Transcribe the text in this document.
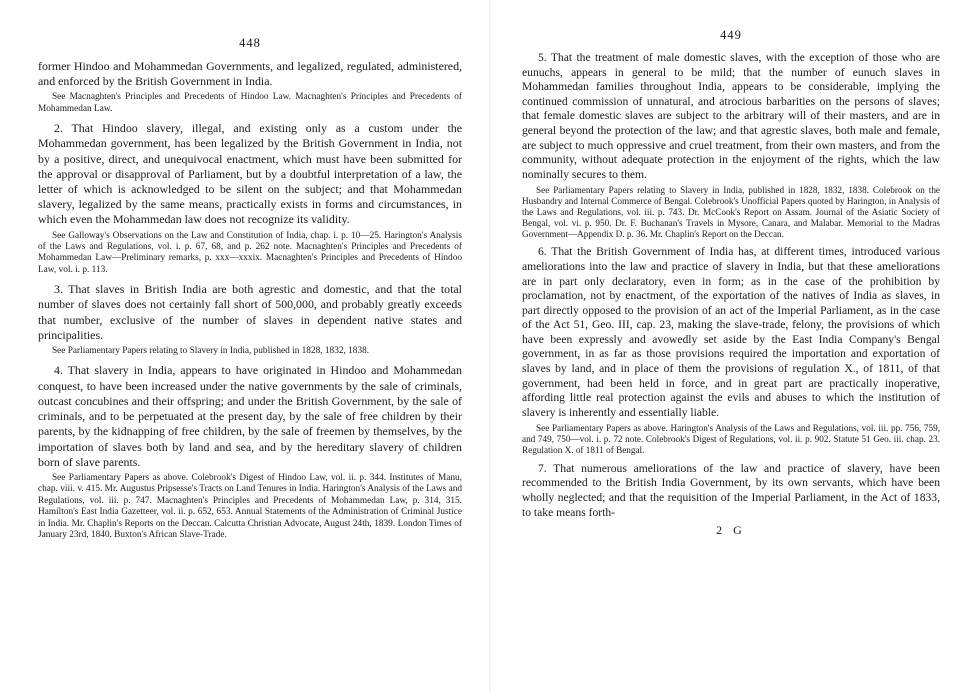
448

former Hindoo and Mohammedan Governments, and legalized, regulated, administered, and enforced by the British Government in India.

See Macnaghten's Principles and Precedents of Hindoo Law. Macnaghten's Principles and Precedents of Mohammedan Law.

2. That Hindoo slavery, illegal, and existing only as a custom under the Mohammedan government, has been legalized by the British Government in India, not by a positive, direct, and unequivocal enactment, which must have been submitted for the approval or disapproval of Parliament, but by a doubtful interpretation of a law, the letter of which is acknowledged to be silent on the subject; and that Mohammedan slavery, legalized by the same means, practically exists in forms and circumstances, in which even the Mohammedan law does not recognize its validity.

See Galloway's Observations on the Law and Constitution of India, chap. i. p. 10—25. Harington's Analysis of the Laws and Regulations, vol. i. p. 67, 68, and p. 262 note. Macnaghten's Principles and Precedents of Mohammedan Law—Preliminary remarks, p. xxx—xxxix. Macnaghten's Principles and Precedents of Hindoo Law, vol. i. p. 113.

3. That slaves in British India are both agrestic and domestic, and that the total number of slaves does not certainly fall short of 500,000, and probably greatly exceeds that number, exclusive of the number of slaves in dependent native states and principalities.

See Parliamentary Papers relating to Slavery in India, published in 1828, 1832, 1838.

4. That slavery in India, appears to have originated in Hindoo and Mohammedan conquest, to have been increased under the native governments by the sale of criminals, outcast concubines and their offspring; and under the British Government, by the sale of criminals, and to be perpetuated at the present day, by the sale of free children by their parents, by the kidnapping of free children, by the sale of freemen by themselves, by the importation of slaves both by land and sea, and by the hereditary slavery of children born of slave parents.

See Parliamentary Papers as above. Colebrook's Digest of Hindoo Law, vol. ii. p. 344. Institutes of Manu, chap. viii. v. 415. Mr. Augustus Pripsesse's Tracts on Land Tenures in India. Harington's Analysis of the Laws and Regulations, vol. iii. p. 747. Macnaghten's Principles and Precedents of Mohammedan Law, p. 314, 315. Hamilton's East India Gazetteer, vol. ii. p. 652, 653. Annual Statements of the Administration of Criminal Justice in India. Mr. Chaplin's Reports on the Deccan. Calcutta Christian Advocate, August 24th, 1839. London Times of January 23rd, 1840. Buxton's African Slave-Trade.

449

5. That the treatment of male domestic slaves, with the exception of those who are eunuchs, appears in general to be mild; that the number of eunuch slaves in Mohammedan families throughout India, appears to be considerable, implying the continued commission of unnatural, and atrocious barbarities on the persons of slaves; that female domestic slaves are subject to the arbitrary will of their masters, and are in general beyond the protection of the law; and that agrestic slaves, both male and female, are subject to much oppressive and cruel treatment, from their own masters, and from the community, without adequate protection in the enjoyment of the rights, which the law nominally secures to them.

See Parliamentary Papers relating to Slavery in India, published in 1828, 1832, 1838. Colebrook on the Husbandry and Internal Commerce of Bengal. Colebrook's Unofficial Papers quoted by Harington, in Analysis of the Laws and Regulations, vol. iii. p. 743. Dr. McCook's Report on Assam. Journal of the Asiatic Society of Bengal, vol. vi. p. 950. Dr. F. Buchanan's Travels in Mysore, Canara, and Malabar. Memorial to the Madras Government—Appendix D. p. 36. Mr. Chaplin's Report on the Deccan.

6. That the British Government of India has, at different times, introduced various ameliorations into the law and practice of slavery in India, but that these ameliorations are in part only declaratory, even in form; as in the case of the prohibition by proclamation, not by enactment, of the exportation of the natives of India as slaves, in part directly opposed to the provision of an act of the Imperial Parliament, as in the case of the Act 51, Geo. III, cap. 23, making the slave-trade, felony, the provisions of which have been expressly and avowedly set aside by the East India Company's Bengal government, in as far as those provisions required the importation and exportation of slaves by land, and in place of them the provisions of regulation X., of 1811, of that government, had been held in force, and in great part are practically inoperative, affording little real protection against the evils and abuses to which the institution of slavery is inherently and essentially liable.

See Parliamentary Papers as above. Harington's Analysis of the Laws and Regulations, vol. iii. pp. 756, 759, and 749, 750—vol. i. p. 72 note. Colebrook's Digest of Regulations, vol. ii. p. 902. Statute 51 Geo. iii. chap. 23. Regulation X. of 1811 of Bengal.

7. That numerous ameliorations of the law and practice of slavery, have been recommended to the British India Government, by its own servants, which have been wholly neglected; and that the requisition of the Imperial Parliament, in the Act of 1833, to take means forth-

2 G
